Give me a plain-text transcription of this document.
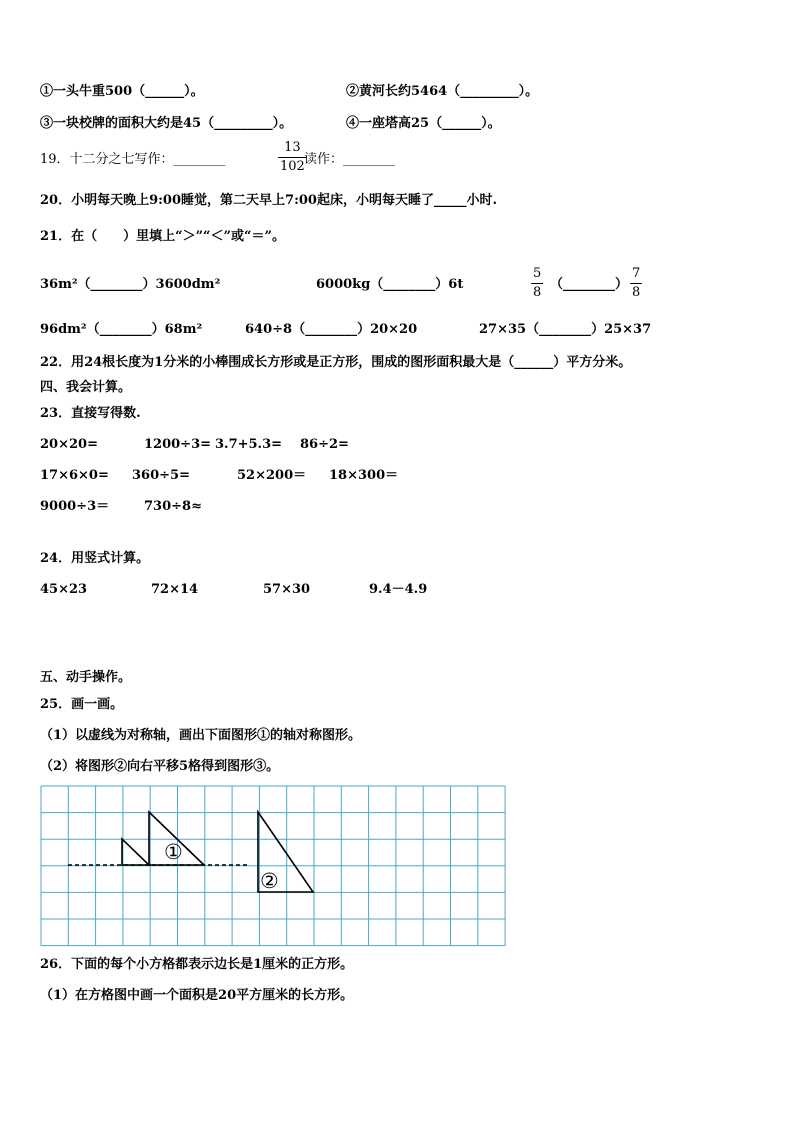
①一头牛重500（______）。	②黄河长约5464（_________）。
③一块校牌的面积大约是45（_________）。	④一座塔高25（______）。
19．十二分之七写作：________
13
102 读作：________
20．小明每天晚上9:00睡觉，第二天早上7:00起床，小明每天睡了_____小时.
21．在（　　）里填上“＞”“＜”或“＝”。
36m²（________）3600dm²	6000kg（________）6t
5
8
（________）
7
8
96dm²（________）68m²	640÷8（________）20×20	27×35（________）25×37
22．用24根长度为1分米的小棒围成长方形或是正方形，围成的图形面积最大是（______）平方分米。
四、我会计算。
23．直接写得数.
20×20=	1200÷3= 3.7+5.3= 86÷2=
17×6×0= 360÷5=	52×200＝ 18×300＝
9000÷3＝	730÷8≈
24．用竖式计算。
45×23	72×14	57×30	9.4－4.9
五、动手操作。
25．画一画。
（1）以虚线为对称轴，画出下面图形①的轴对称图形。
（2）将图形②向右平移5格得到图形③。
①
②
26．下面的每个小方格都表示边长是1厘米的正方形。
（1）在方格图中画一个面积是20平方厘米的长方形。
